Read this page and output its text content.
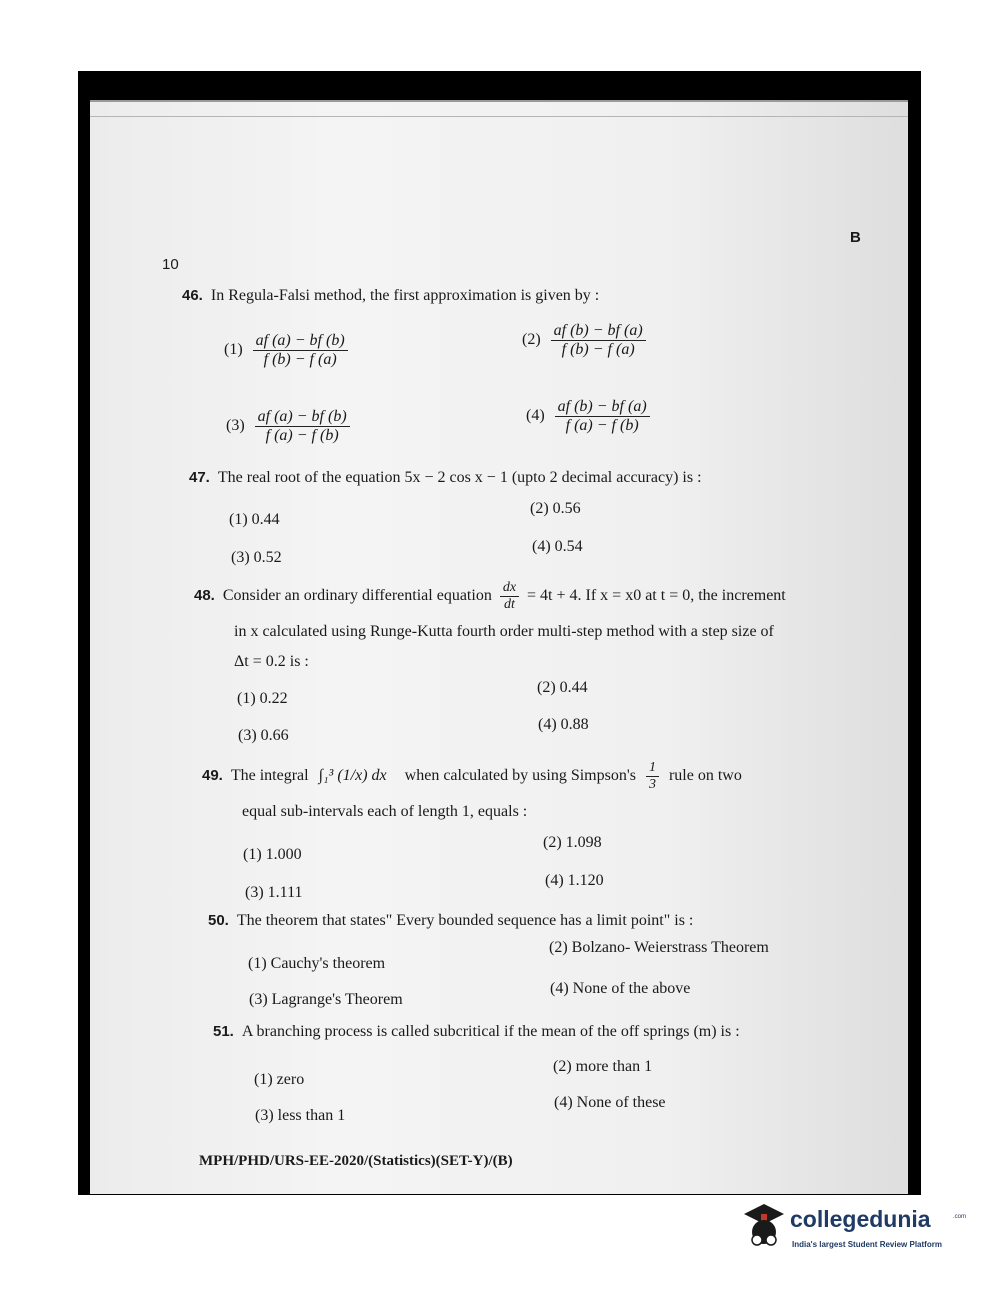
10
B
46. In Regula-Falsi method, the first approximation is given by :
$(1) \frac{af (a) - bf (b)}{f (b) - f (a)}$	$(2) \frac{af (b) - bf (a)}{f (b) - f (a)}$
$(3) \frac{af (a) - bf (b)}{f (a) - f (b)}$	$(4) \frac{af (b) - bf (a)}{f (a) - f (b)}$
47. The real root of the equation 5x − 2 cos x − 1 (upto 2 decimal accuracy) is :
(1) 0.44
(2) 0.56
(3) 0.52
(4) 0.54
48. Consider an ordinary differential equation $\frac{dx}{dt} = 4t + 4$. If x = x0 at t = 0, the increment
in x calculated using Runge-Kutta fourth order multi-step method with a step size of
Δt = 0.2 is :
(1) 0.22
(2) 0.44
(3) 0.66
(4) 0.88
49. The integral ∫₁³ (1/x) dx when calculated by using Simpson's $\frac{1}{3}$ rule on two
equal sub-intervals each of length 1, equals :
(1) 1.000
(2) 1.098
(3) 1.111
(4) 1.120
50. The theorem that states" Every bounded sequence has a limit point" is :
(1) Cauchy's theorem
(2) Bolzano- Weierstrass Theorem
(3) Lagrange's Theorem
(4) None of the above
51. A branching process is called subcritical if the mean of the off springs (m) is :
(1) zero
(2) more than 1
(3) less than 1
(4) None of these
MPH/PHD/URS-EE-2020/(Statistics)(SET-Y)/(B)
collegedunia	.com
India's largest Student Review Platform
